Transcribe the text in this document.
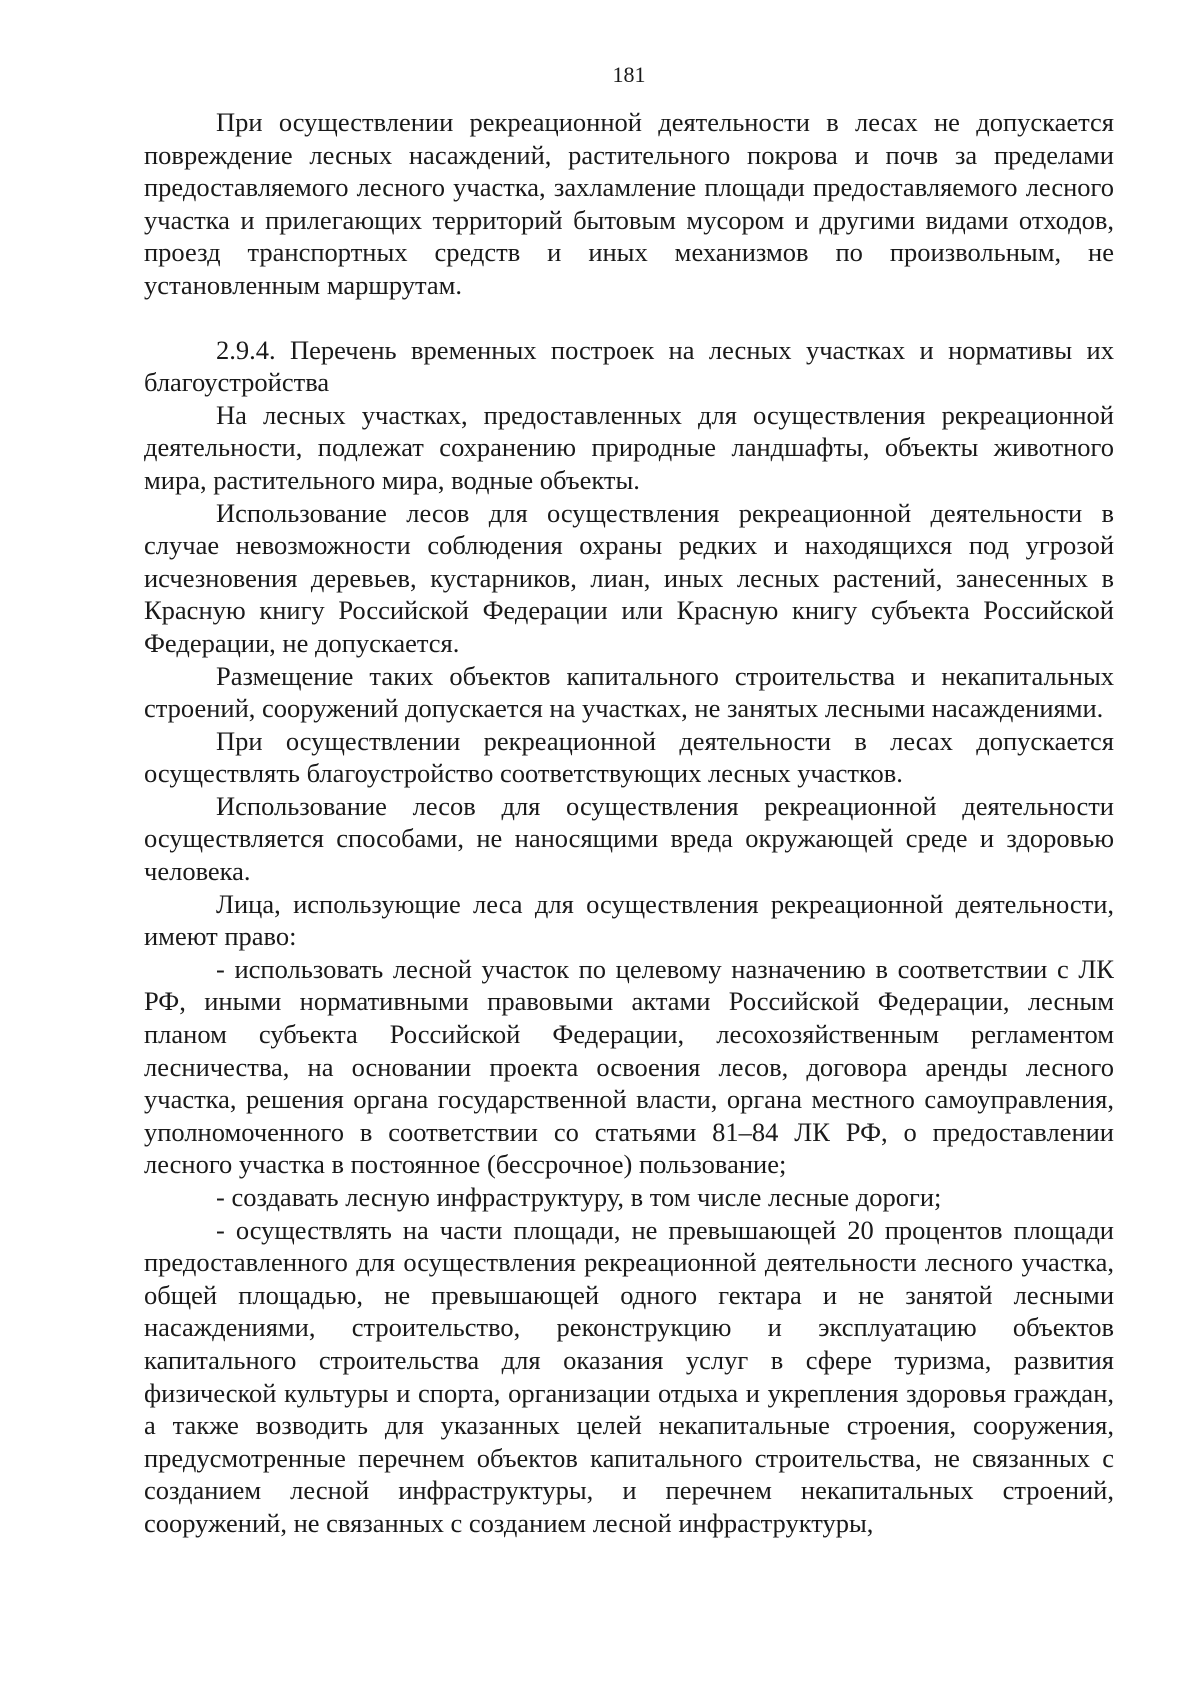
181

При осуществлении рекреационной деятельности в лесах не допускается повреждение лесных насаждений, растительного покрова и почв за пределами предоставляемого лесного участка, захламление площади предоставляемого лесного участка и прилегающих территорий бытовым мусором и другими видами отходов, проезд транспортных средств и иных механизмов по произвольным, не установленным маршрутам.

2.9.4. Перечень временных построек на лесных участках и нормативы их благоустройства

На лесных участках, предоставленных для осуществления рекреационной деятельности, подлежат сохранению природные ландшафты, объекты животного мира, растительного мира, водные объекты.

Использование лесов для осуществления рекреационной деятельности в случае невозможности соблюдения охраны редких и находящихся под угрозой исчезновения деревьев, кустарников, лиан, иных лесных растений, занесенных в Красную книгу Российской Федерации или Красную книгу субъекта Российской Федерации, не допускается.

Размещение таких объектов капитального строительства и некапитальных строений, сооружений допускается на участках, не занятых лесными насаждениями.

При осуществлении рекреационной деятельности в лесах допускается осуществлять благоустройство соответствующих лесных участков.

Использование лесов для осуществления рекреационной деятельности осуществляется способами, не наносящими вреда окружающей среде и здоровью человека.

Лица, использующие леса для осуществления рекреационной деятельности, имеют право:

- использовать лесной участок по целевому назначению в соответствии с ЛК РФ, иными нормативными правовыми актами Российской Федерации, лесным планом субъекта Российской Федерации, лесохозяйственным регламентом лесничества, на основании проекта освоения лесов, договора аренды лесного участка, решения органа государственной власти, органа местного самоуправления, уполномоченного в соответствии со статьями 81–84 ЛК РФ, о предоставлении лесного участка в постоянное (бессрочное) пользование;

- создавать лесную инфраструктуру, в том числе лесные дороги;

- осуществлять на части площади, не превышающей 20 процентов площади предоставленного для осуществления рекреационной деятельности лесного участка, общей площадью, не превышающей одного гектара и не занятой лесными насаждениями, строительство, реконструкцию и эксплуатацию объектов капитального строительства для оказания услуг в сфере туризма, развития физической культуры и спорта, организации отдыха и укрепления здоровья граждан, а также возводить для указанных целей некапитальные строения, сооружения, предусмотренные перечнем объектов капитального строительства, не связанных с созданием лесной инфраструктуры, и перечнем некапитальных строений, сооружений, не связанных с созданием лесной инфраструктуры,
